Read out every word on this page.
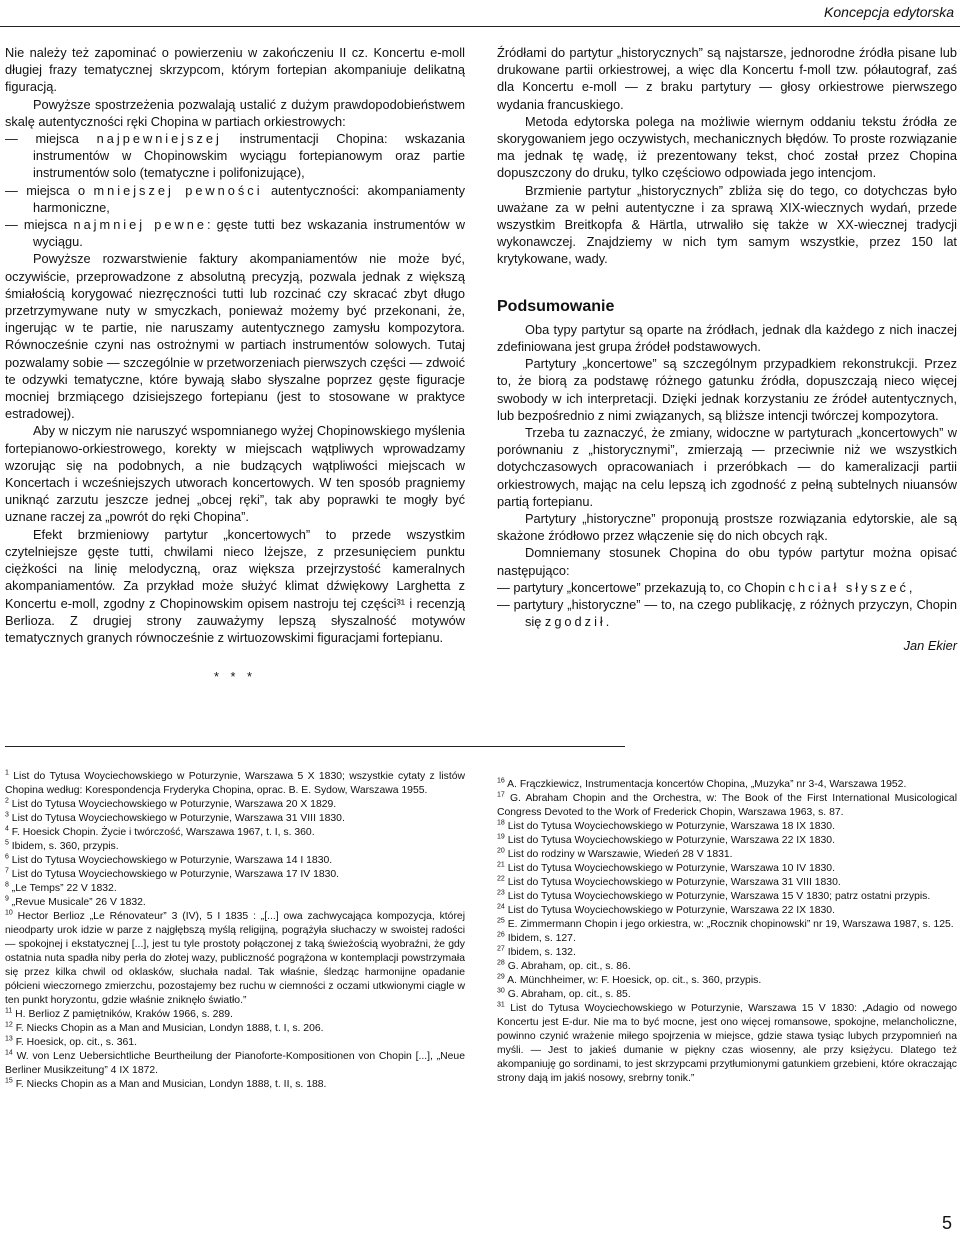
Koncepcja edytorska

Nie należy też zapominać o powierzeniu w zakończeniu II cz. Koncertu e-moll długiej frazy tematycznej skrzypcom, którym fortepian akompaniuje delikatną figuracją.

Powyższe spostrzeżenia pozwalają ustalić z dużym prawdopodobieństwem skalę autentyczności ręki Chopina w partiach orkiestrowych:

— miejsca najpewniejszej instrumentacji Chopina: wskazania instrumentów w Chopinowskim wyciągu fortepianowym oraz partie instrumentów solo (tematyczne i polifonizujące),

— miejsca o mniejszej pewności autentyczności: akompaniamenty harmoniczne,

— miejsca najmniej pewne: gęste tutti bez wskazania instrumentów w wyciągu.

Powyższe rozwarstwienie faktury akompaniamentów nie może być, oczywiście, przeprowadzone z absolutną precyzją, pozwala jednak z większą śmiałością korygować niezręczności tutti lub rozcinać czy skracać zbyt długo przetrzymywane nuty w smyczkach, ponieważ możemy być przekonani, że, ingerując w te partie, nie naruszamy autentycznego zamysłu kompozytora. Równocześnie czyni nas ostrożnymi w partiach instrumentów solowych. Tutaj pozwalamy sobie — szczególnie w przetworzeniach pierwszych części — zdwoić te odzywki tematyczne, które bywają słabo słyszalne poprzez gęste figuracje mocniej brzmiącego dzisiejszego fortepianu (jest to stosowane w praktyce estradowej).

Aby w niczym nie naruszyć wspomnianego wyżej Chopinowskiego myślenia fortepianowo-orkiestrowego, korekty w miejscach wątpliwych wprowadzamy wzorując się na podobnych, a nie budzących wątpliwości miejscach w Koncertach i wcześniejszych utworach koncertowych. W ten sposób pragniemy uniknąć zarzutu jeszcze jednej „obcej ręki”, tak aby poprawki te mogły być uznane raczej za „powrót do ręki Chopina”.

Efekt brzmieniowy partytur „koncertowych” to przede wszystkim czytelniejsze gęste tutti, chwilami nieco lżejsze, z przesunięciem punktu ciężkości na linię melodyczną, oraz większa przejrzystość kameralnych akompaniamentów. Za przykład może służyć klimat dźwiękowy Larghetta z Koncertu e-moll, zgodny z Chopinowskim opisem nastroju tej części³¹ i recenzją Berlioza. Z drugiej strony zauważymy lepszą słyszalność motywów tematycznych granych równocześnie z wirtuozowskimi figuracjami fortepianu.

* * *

Źródłami do partytur „historycznych” są najstarsze, jednorodne źródła pisane lub drukowane partii orkiestrowej, a więc dla Koncertu f-moll tzw. półautograf, zaś dla Koncertu e-moll — z braku partytury — głosy orkiestrowe pierwszego wydania francuskiego.

Metoda edytorska polega na możliwie wiernym oddaniu tekstu źródła ze skorygowaniem jego oczywistych, mechanicznych błędów. To proste rozwiązanie ma jednak tę wadę, iż prezentowany tekst, choć został przez Chopina dopuszczony do druku, tylko częściowo odpowiada jego intencjom.

Brzmienie partytur „historycznych” zbliża się do tego, co dotychczas było uważane za w pełni autentyczne i za sprawą XIX-wiecznych wydań, przede wszystkim Breitkopfa & Härtla, utrwaliło się także w XX-wiecznej tradycji wykonawczej. Znajdziemy w nich tym samym wszystkie, przez 150 lat krytykowane, wady.

Podsumowanie

Oba typy partytur są oparte na źródłach, jednak dla każdego z nich inaczej zdefiniowana jest grupa źródeł podstawowych.

Partytury „koncertowe” są szczególnym przypadkiem rekonstrukcji. Przez to, że biorą za podstawę różnego gatunku źródła, dopuszczają nieco więcej swobody w ich interpretacji. Dzięki jednak korzystaniu ze źródeł autentycznych, lub bezpośrednio z nimi związanych, są bliższe intencji twórczej kompozytora.

Trzeba tu zaznaczyć, że zmiany, widoczne w partyturach „koncertowych” w porównaniu z „historycznymi”, zmierzają — przeciwnie niż we wszystkich dotychczasowych opracowaniach i przeróbkach — do kameralizacji partii orkiestrowych, mając na celu lepszą ich zgodność z pełną subtelnych niuansów partią fortepianu.

Partytury „historyczne” proponują prostsze rozwiązania edytorskie, ale są skażone źródłowo przez włączenie się do nich obcych rąk.

Domniemany stosunek Chopina do obu typów partytur można opisać następująco:

— partytury „koncertowe” przekazują to, co Chopin chciał słyszeć,

— partytury „historyczne” — to, na czego publikację, z różnych przyczyn, Chopin się zgodził.

Jan Ekier

$^1$ List do Tytusa Woyciechowskiego w Poturzynie, Warszawa 5 X 1830; wszystkie cytaty z listów Chopina według: Korespondencja Fryderyka Chopina, oprac. B. E. Sydow, Warszawa 1955.

$^2$ List do Tytusa Woyciechowskiego w Poturzynie, Warszawa 20 X 1829.

$^3$ List do Tytusa Woyciechowskiego w Poturzynie, Warszawa 31 VIII 1830.

$^4$ F. Hoesick Chopin. Życie i twórczość, Warszawa 1967, t. I, s. 360.

$^5$ Ibidem, s. 360, przypis.

$^6$ List do Tytusa Woyciechowskiego w Poturzynie, Warszawa 14 I 1830.

$^7$ List do Tytusa Woyciechowskiego w Poturzynie, Warszawa 17 IV 1830.

$^8$ „Le Temps” 22 V 1832.

$^9$ „Revue Musicale” 26 V 1832.

$^{10}$ Hector Berlioz „Le Rénovateur” 3 (IV), 5 I 1835 : „[...] owa zachwycająca kompozycja, której nieodparty urok idzie w parze z najgłębszą myślą religijną, pogrążyła słuchaczy w swoistej radości — spokojnej i ekstatycznej [...], jest tu tyle prostoty połączonej z taką świeżością wyobraźni, że gdy ostatnia nuta spadła niby perła do złotej wazy, publiczność pogrążona w kontemplacji powstrzymała się przez kilka chwil od oklasków, słuchała nadal. Tak właśnie, śledząc harmonijne opadanie półcieni wieczornego zmierzchu, pozostajemy bez ruchu w ciemności z oczami utkwionymi ciągle w ten punkt horyzontu, gdzie właśnie zniknęło światło.”

$^{11}$ H. Berlioz Z pamiętników, Kraków 1966, s. 289.

$^{12}$ F. Niecks Chopin as a Man and Musician, Londyn 1888, t. I, s. 206.

$^{13}$ F. Hoesick, op. cit., s. 361.

$^{14}$ W. von Lenz Uebersichtliche Beurtheilung der Pianoforte-Kompositionen von Chopin [...], „Neue Berliner Musikzeitung” 4 IX 1872.

$^{15}$ F. Niecks Chopin as a Man and Musician, Londyn 1888, t. II, s. 188.

$^{16}$ A. Frączkiewicz, Instrumentacja koncertów Chopina, „Muzyka” nr 3-4, Warszawa 1952.

$^{17}$ G. Abraham Chopin and the Orchestra, w: The Book of the First International Musicological Congress Devoted to the Work of Frederick Chopin, Warszawa 1963, s. 87.

$^{18}$ List do Tytusa Woyciechowskiego w Poturzynie, Warszawa 18 IX 1830.

$^{19}$ List do Tytusa Woyciechowskiego w Poturzynie, Warszawa 22 IX 1830.

$^{20}$ List do rodziny w Warszawie, Wiedeń 28 V 1831.

$^{21}$ List do Tytusa Woyciechowskiego w Poturzynie, Warszawa 10 IV 1830.

$^{22}$ List do Tytusa Woyciechowskiego w Poturzynie, Warszawa 31 VIII 1830.

$^{23}$ List do Tytusa Woyciechowskiego w Poturzynie, Warszawa 15 V 1830; patrz ostatni przypis.

$^{24}$ List do Tytusa Woyciechowskiego w Poturzynie, Warszawa 22 IX 1830.

$^{25}$ E. Zimmermann Chopin i jego orkiestra, w: „Rocznik chopinowski” nr 19, Warszawa 1987, s. 125.

$^{26}$ Ibidem, s. 127.

$^{27}$ Ibidem, s. 132.

$^{28}$ G. Abraham, op. cit., s. 86.

$^{29}$ A. Münchheimer, w: F. Hoesick, op. cit., s. 360, przypis.

$^{30}$ G. Abraham, op. cit., s. 85.

$^{31}$ List do Tytusa Woyciechowskiego w Poturzynie, Warszawa 15 V 1830: „Adagio od nowego Koncertu jest E-dur. Nie ma to być mocne, jest ono więcej romansowe, spokojne, melancholiczne, powinno czynić wrażenie miłego spojrzenia w miejsce, gdzie stawa tysiąc lubych przypomnień na myśli. — Jest to jakieś dumanie w piękny czas wiosenny, ale przy księżycu. Dlatego też akompaniuję go sordinami, to jest skrzypcami przytłumionymi gatunkiem grzebieni, które okraczając strony dają im jakiś nosowy, srebrny tonik.”

5
